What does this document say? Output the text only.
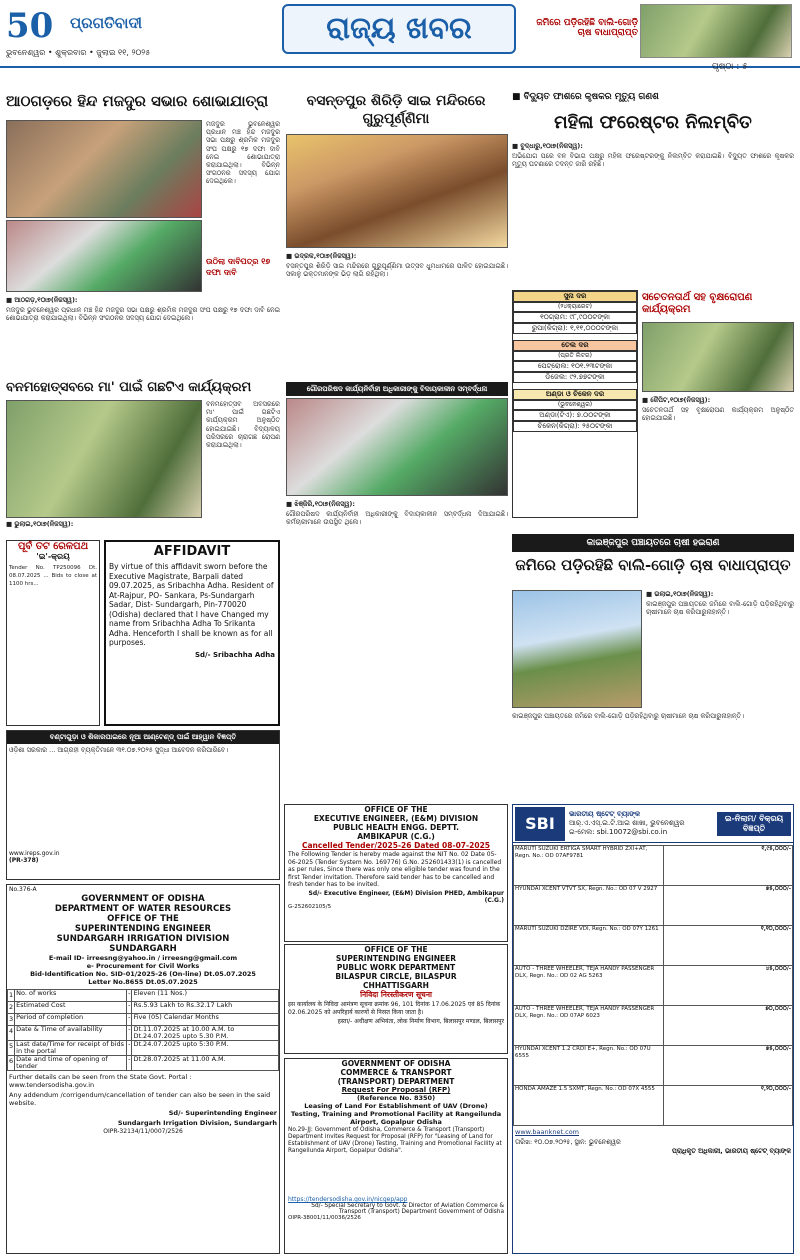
50	ପ୍ରଗତିବାଦୀ
ଭୁବନେଶ୍ୱର • ଶୁକ୍ରବାର • ଜୁଲାଇ ୧୧, ୨୦୨୫
ରାଜ୍ୟ ଖବର	ଜମିରେ ପଡ଼ିରହିଛି ବାଲି-ଗୋଡ଼ି ଚାଷ ବାଧାପ୍ରାପ୍ତ
ପୃଷ୍ଠା : ୫
ଆଠଗଡ଼ରେ ହିନ୍ଦ ମଜଦୁର ସଭାର ଶୋଭାଯାତ୍ରା
ମଜଦୁର ଭୁବନେଶ୍ୱର ପ୍ରଧାନ ମଞ୍ଚ ହିନ୍ଦ ମଜଦୁର ସଭା ପକ୍ଷରୁ ଶ୍ରମିକ ମଜଦୁର ସଂଘ ପକ୍ଷରୁ ୧୭ ଦଫା ଦାବି ନେଇ ଶୋଭାଯାତ୍ରା କରାଯାଇଥିଲା। ବିଭିନ୍ନ ସଂଗଠନର ସଦସ୍ୟ ଯୋଗ ଦେଇଥିଲେ।
ଉଠିଲା ଦାବିପତ୍ର ୧୭ ଦଫା ଦାବି
■ ଆଠଗଡ଼,୧୦ା୭(ନିଜସ୍ୱ):
ମଜଦୁର ଭୁବନେଶ୍ୱର ପ୍ରଧାନ ମଞ୍ଚ ହିନ୍ଦ ମଜଦୁର ସଭା ପକ୍ଷରୁ ଶ୍ରମିକ ମଜଦୁର ସଂଘ ପକ୍ଷରୁ ୧୭ ଦଫା ଦାବି ନେଇ ଶୋଭାଯାତ୍ରା କରାଯାଇଥିଲା। ବିଭିନ୍ନ ସଂଗଠନର ସଦସ୍ୟ ଯୋଗ ଦେଇଥିଲେ।
ବସନ୍ତପୁର ଶିରିଡ଼ି ସାଇ ମନ୍ଦିରରେ ଗୁରୁପୂର୍ଣ୍ଣିମା
■ ଭଦ୍ରକ,୧୦ା୭(ନିଜସ୍ୱ):
ବସନ୍ତପୁର ଶିରିଡ଼ି ସାଇ ମନ୍ଦିରରେ ଗୁରୁପୂର୍ଣ୍ଣିମା ଉତ୍ସବ ଧୁମଧାମରେ ପାଳିତ ହୋଇଯାଇଛି। ସକାଳୁ ଭକ୍ତମାନଙ୍କ ଭିଡ଼ ଲାଗି ରହିଥିଲା।
■ ବିଦ୍ୟୁତ ଫାଶରେ କୃଷକର ମୃତ୍ୟୁ ଗଣଶ
ମହିଳା ଫରେଷ୍ଟର ନିଲମ୍ବିତ
■ ବୁଦ୍ଧାରୁ,୧୦ା୭(ନିଜସ୍ୱ):
ଅଭିଯୋଗ ପରେ ବନ ବିଭାଗ ପକ୍ଷରୁ ମହିଳା ଫରେଷ୍ଟରଙ୍କୁ ନିଲମ୍ବିତ କରାଯାଇଛି। ବିଦ୍ୟୁତ ଫାଶରେ କୃଷକର ମୃତ୍ୟୁ ଘଟଣାରେ ତଦନ୍ତ ଜାରି ରହିଛି।
ସୁନା ଦର
(୨୪କ୍ୟାରେଟ)
୧୦ଗ୍ରାମ: ୯୮,୯୦୦ଟଙ୍କା
ରୁପା(କିଗ୍ରା): ୧,୧୧,୦୦୦ଟଙ୍କା
ତେଲ ଦର
(ପ୍ରତି ଲିଟର)
ପେଟ୍ରୋଲ: ୧୦୧.୨୩ଟଙ୍କା
ଡିଜେଲ: ୯୨.୭୭ଟଙ୍କା
ଅଣ୍ଡା ଓ ଚିକେନ ଦର
(ଭୁବନେଶ୍ୱର)
ଅଣ୍ଡା(ଟିଏ): ୭.୦୦ଟଙ୍କା
ଚିକେନ(କିଗ୍ରା): ୨୫୦ଟଙ୍କା
ସଚେତନତାର୍ଥ ସହ ବୃକ୍ଷରୋପଣ କାର୍ଯ୍ୟକ୍ରମ
■ ଜୈପିଟ,୧୦ା୭(ନିଜସ୍ୱ):
ସଚେତନତାର୍ଥ ସହ ବୃକ୍ଷରୋପଣ କାର୍ଯ୍ୟକ୍ରମ ଅନୁଷ୍ଠିତ ହୋଇଯାଇଛି।
ବନମହୋତ୍ସବରେ ମା' ପାଇଁ ଗଛଟିଏ କାର୍ଯ୍ୟକ୍ରମ
ବନମହୋତ୍ସବ ଅବସରରେ ମା' ପାଇଁ ଗଛଟିଏ କାର୍ଯ୍ୟକ୍ରମ ଅନୁଷ୍ଠିତ ହୋଇଯାଇଛି। ବିଦ୍ୟାଳୟ ପରିସରରେ ଚାରାଗଛ ରୋପଣ କରାଯାଇଥିଲା।
■ ଭୁଲାଇ,୧୦ା୭(ନିଜସ୍ୱ):
ଗୌରପରିଷଦ କାର୍ଯ୍ୟନିର୍ବାହୀ ଅଧିକାରୀଙ୍କୁ ବିଦାୟକାଳୀନ ସମ୍ବର୍ଦ୍ଧନା
■ ଝିଞ୍ଜିରି,୧୦ା୭(ନିଜସ୍ୱ):
ଗୌରପରିଷଦ କାର୍ଯ୍ୟନିର୍ବାହୀ ଅଧିକାରୀଙ୍କୁ ବିଦାୟକାଳୀନ ସମ୍ବର୍ଦ୍ଧନା ଦିଆଯାଇଛି। କର୍ମଚାରୀମାନେ ଉପସ୍ଥିତ ଥିଲେ।
କାଇଞ୍ଜପୁର ପଞ୍ଚାୟତରେ ଚାଷୀ ହଇରାଣ
ଜମିରେ ପଡ଼ିରହିଛି ବାଲି-ଗୋଡ଼ି ଚାଷ ବାଧାପ୍ରାପ୍ତ
■ ଭଲାଇ,୧୦ା୭(ନିଜସ୍ୱ):
କାଇଞ୍ଜପୁର ପଞ୍ଚାୟତରେ ଜମିରେ ବାଲି-ଗୋଡ଼ି ପଡ଼ିରହିଥିବାରୁ ଚାଷୀମାନେ ଚାଷ କରିପାରୁନାହାନ୍ତି।
କାଇଞ୍ଜପୁର ପଞ୍ଚାୟତରେ ଜମିରେ ବାଲି-ଗୋଡ଼ି ପଡ଼ିରହିଥିବାରୁ ଚାଷୀମାନେ ଚାଷ କରିପାରୁନାହାନ୍ତି।
ପୂର୍ବ ତଟ ରେଳପଥ
'ଇ'-କ୍ରୟ
Tender No. TP250096 Dt. 08.07.2025 ... Bids to close at 1100 hrs...
AFFIDAVIT
By virtue of this affidavit sworn before the Executive Magistrate, Barpali dated 09.07.2025, as Sribachha Adha. Resident of At-Rajpur, PO- Sankara, Ps-Sundargarh Sadar, Dist- Sundargarh, Pin-770020 (Odisha) declared that I have Changed my name from Sribachha Adha To Srikanta Adha. Henceforth I shall be known as for all purposes.
Sd/- Sribachha Adha
ବଣ୍ଟାଗୁଡ଼ା ଓ ଶିକାରପାଇରେ ନୂଆ ଆଣ୍ଟେଣ୍ଡ୍ ପାଇଁ ଆହ୍ୱାନ ବିଜ୍ଞପ୍ତି
ଓଡ଼ିଶା ସରକାର ... ଆଗ୍ରହୀ ବ୍ୟକ୍ତିମାନେ ୩୧.୦୭.୨୦୨୫ ସୁଦ୍ଧା ଆବେଦନ କରିପାରିବେ।
www.ireps.gov.in
(PR-378)
OFFICE OF THE
EXECUTIVE ENGINEER, (E&M) DIVISION
PUBLIC HEALTH ENGG. DEPTT.
AMBIKAPUR (C.G.)
Cancelled Tender/2025-26 Dated 08-07-2025
The Following Tender is hereby made against the NIT No. 02 Date 05-06-2025 (Tender System No. 169776) G.No. 252601433(1) is cancelled as per rules, Since there was only one eligible tender was found in the first Tender invitation. Therefore said tender has to be cancelled and fresh tender has to be invited.
Sd/- Executive Engineer, (E&M) Division PHED, Ambikapur (C.G.)
G-252602105/5
OFFICE OF THE
SUPERINTENDING ENGINEER
PUBLIC WORK DEPARTMENT
BILASPUR CIRCLE, BILASPUR
CHHATTISGARH
निविदा निरस्तीकरण सूचना
इस कार्यालय के निविदा आमंत्रण सूचना क्रमांक 96, 101 दिनांक 17.06.2025 एवं 85 दिनांक 02.06.2025 को अपरिहार्य कारणों से निरस्त किया जाता है।
हस्ता/- अधीक्षण अभियंता, लोक निर्माण विभाग, बिलासपुर मण्डल, बिलासपुर
GOVERNMENT OF ODISHA
COMMERCE & TRANSPORT
(TRANSPORT) DEPARTMENT
Request For Proposal (RFP)
(Reference No. 8350)
Leasing of Land For Establishment of UAV (Drone) Testing, Training and Promotional Facility at Rangeilunda Airport, Gopalpur Odisha
No.29-JJ: Government of Odisha, Commerce & Transport (Transport) Department invites Request for Proposal (RFP) for "Leasing of Land for Establishment of UAV (Drone) Testing, Training and Promotional Facility at Rangeilunda Airport, Gopalpur Odisha".
https://tendersodisha.gov.in/nicgep/app
Sd/- Special Secretary to Govt. & Director of Aviation Commerce & Transport (Transport) Department Government of Odisha
OIPR-38001/11/0036/2526
No.376-A
GOVERNMENT OF ODISHA
DEPARTMENT OF WATER RESOURCES
OFFICE OF THE
SUPERINTENDING ENGINEER
SUNDARGARH IRRIGATION DIVISION
SUNDARGARH
E-mail ID- irreesng@yahoo.in / irreesng@gmail.com
e- Procurement for Civil Works
Bid-Identification No. SID-01/2025-26 (On-line) Dt.05.07.2025
Letter No.8655 Dt.05.07.2025
1	No. of works	-	Eleven (11 Nos.)
2	Estimated Cost	-	Rs.5.93 Lakh to Rs.32.17 Lakh
3	Period of completion	-	Five (05) Calendar Months
4	Date & Time of availability	-	Dt.11.07.2025 at 10.00 A.M. to Dt.24.07.2025 upto 5.30 P.M.
5	Last date/Time for receipt of bids in the portal	-	Dt.24.07.2025 upto 5:30 P.M.
6	Date and time of opening of tender	-	Dt.28.07.2025 at 11.00 A.M.
Further details can be seen from the State Govt. Portal : www.tendersodisha.gov.in
Any addendum /corrigendum/cancellation of tender can also be seen in the said website.
Sd/- Superintending Engineer
Sundargarh Irrigation Division, Sundargarh
OIPR-32134/11/0007/2526
SBI	ଭାରତୀୟ ଷ୍ଟେଟ୍ ବ୍ୟାଙ୍କ
ଆର୍.ଏ.ଏସ୍.ଇ.ଟି.ଆଇ ଶାଖା, ଭୁବନେଶ୍ୱର
ଇ-ମେଲ: sbi.10072@sbi.co.in
ଇ-ନିଲାମ/ ବିକ୍ରୟ ବିଜ୍ଞପ୍ତି
MARUTI SUZUKI ERTIGA SMART HYBRID ZXI+AT, Regn. No.: OD 07AF9781	୧,୯୫,୦୦୦/-
HYUNDAI XCENT VTVT SX, Regn. No.: OD 07 V 2927	୭୫,୦୦୦/-
MARUTI SUZUKI DZIRE VDI, Regn. No.: OD 07Y 1261	୧,୧୦,୦୦୦/-
AUTO - THREE WHEELER, TEJA HANDY PASSENGER DLX, Regn. No.: OD 02 AG 5263	୪୫,୦୦୦/-
AUTO - THREE WHEELER, TEJA HANDY PASSENGER DLX, Regn. No.: OD 07AP 6023	୭୦,୦୦୦/-
HYUNDAI XCENT 1.2 CRDI E+, Regn. No.: OD 07U 6555	୭୫,୦୦୦/-
HONDA AMAZE 1.5 SXMT, Regn. No.: OD 07X 4555	୧,୨୦,୦୦୦/-
www.baanknet.com
ତାରିଖ: ୧୦.୦୭.୨୦୨୫, ସ୍ଥାନ: ଭୁବନେଶ୍ୱର
ପ୍ରାଧିକୃତ ଅଧିକାରୀ, ଭାରତୀୟ ଷ୍ଟେଟ୍ ବ୍ୟାଙ୍କ
